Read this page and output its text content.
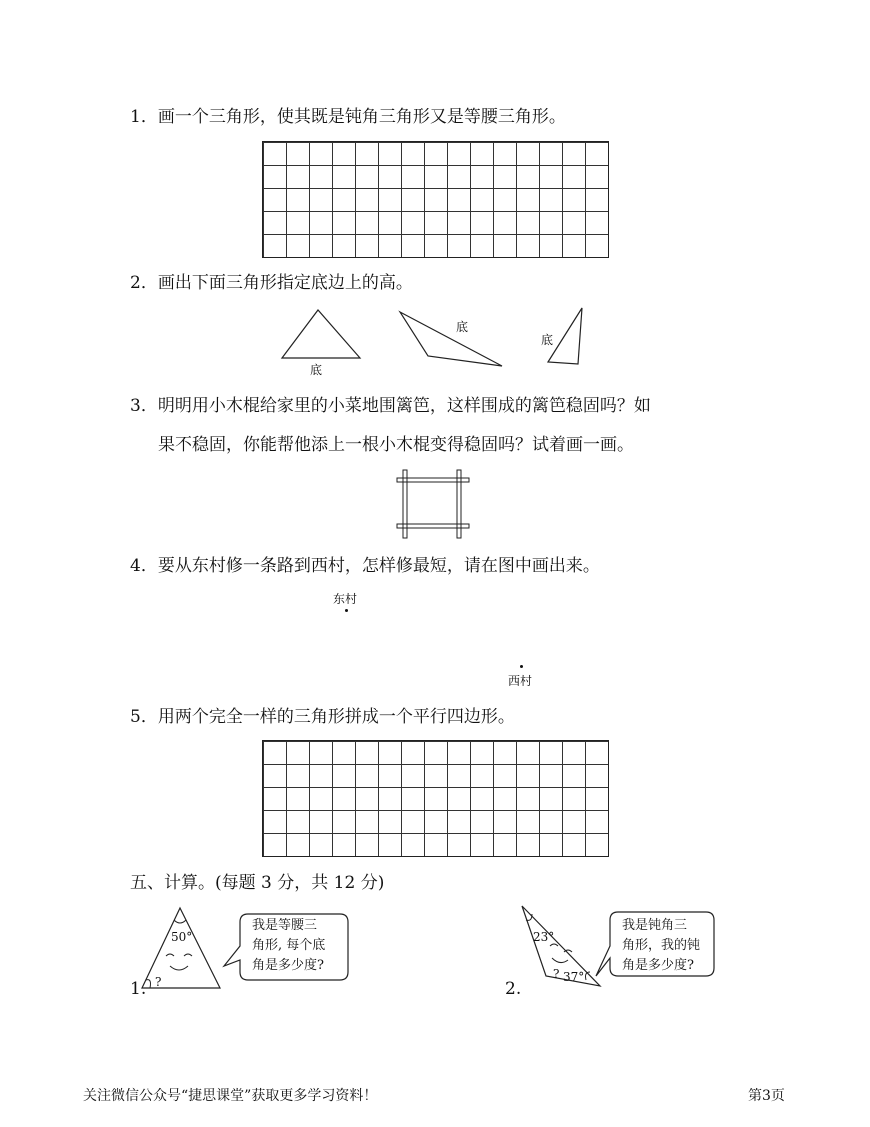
1．画一个三角形，使其既是钝角三角形又是等腰三角形。
2．画出下面三角形指定底边上的高。
底
底
底
3．明明用小木棍给家里的小菜地围篱笆，这样围成的篱笆稳固吗？如
果不稳固，你能帮他添上一根小木棍变得稳固吗？试着画一画。
4．要从东村修一条路到西村，怎样修最短，请在图中画出来。
东村
西村
5．用两个完全一样的三角形拼成一个平行四边形。
五、计算。(每题 3 分，共 12 分)
1.
50°
?
我是等腰三
角形, 每个底
角是多少度?
2.
23°
? 37°
我是钝角三
角形，我的钝
角是多少度?
关注微信公众号“捷思课堂”获取更多学习资料！	第3页
